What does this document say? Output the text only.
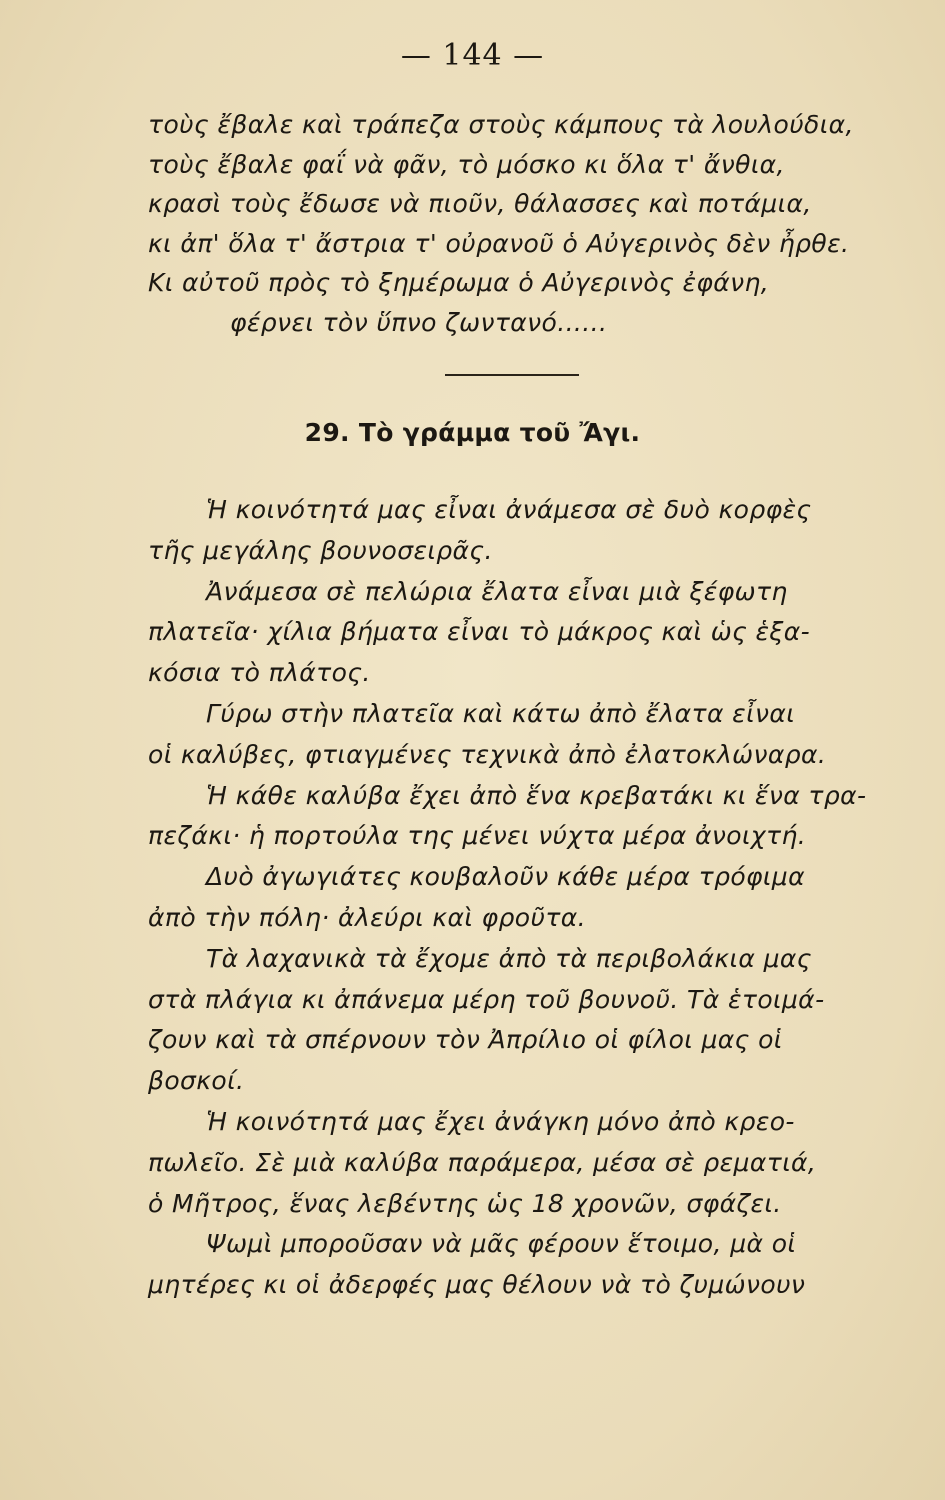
— 144 —
τοὺς ἔβαλε καὶ τράπεζα στοὺς κάμπους τὰ λουλούδια,
τοὺς ἔβαλε φαΐ νὰ φᾶν, τὸ μόσκο κι ὅλα τ' ἄνθια,
κρασὶ τοὺς ἔδωσε νὰ πιοῦν, θάλασσες καὶ ποτάμια,
κι ἀπ' ὅλα τ' ἄστρια τ' οὐρανοῦ ὁ Αὐγερινὸς δὲν ἦρθε.
Κι αὐτοῦ πρὸς τὸ ξημέρωμα ὁ Αὐγερινὸς ἐφάνη,
φέρνει τὸν ὕπνο ζωντανό......
29. Τὸ γράμμα τοῦ Ἄγι.
Ἡ κοινότητά μας εἶναι ἀνάμεσα σὲ δυὸ κορφὲς
τῆς μεγάλης βουνοσειρᾶς.
Ἀνάμεσα σὲ πελώρια ἔλατα εἶναι μιὰ ξέφωτη
πλατεῖα· χίλια βήματα εἶναι τὸ μάκρος καὶ ὡς ἑξα-
κόσια τὸ πλάτος.
Γύρω στὴν πλατεῖα καὶ κάτω ἀπὸ ἔλατα εἶναι
οἱ καλύβες, φτιαγμένες τεχνικὰ ἀπὸ ἐλατοκλώναρα.
Ἡ κάθε καλύβα ἔχει ἀπὸ ἕνα κρεβατάκι κι ἕνα τρα-
πεζάκι· ἡ πορτούλα της μένει νύχτα μέρα ἀνοιχτή.
Δυὸ ἀγωγιάτες κουβαλοῦν κάθε μέρα τρόφιμα
ἀπὸ τὴν πόλη· ἀλεύρι καὶ φροῦτα.
Τὰ λαχανικὰ τὰ ἔχομε ἀπὸ τὰ περιβολάκια μας
στὰ πλάγια κι ἀπάνεμα μέρη τοῦ βουνοῦ. Τὰ ἑτοιμά-
ζουν καὶ τὰ σπέρνουν τὸν Ἀπρίλιο οἱ φίλοι μας οἱ
βοσκοί.
Ἡ κοινότητά μας ἔχει ἀνάγκη μόνο ἀπὸ κρεο-
πωλεῖο. Σὲ μιὰ καλύβα παράμερα, μέσα σὲ ρεματιά,
ὁ Μῆτρος, ἕνας λεβέντης ὡς 18 χρονῶν, σφάζει.
Ψωμὶ μποροῦσαν νὰ μᾶς φέρουν ἕτοιμο, μὰ οἱ
μητέρες κι οἱ ἀδερφές μας θέλουν νὰ τὸ ζυμώνουν
